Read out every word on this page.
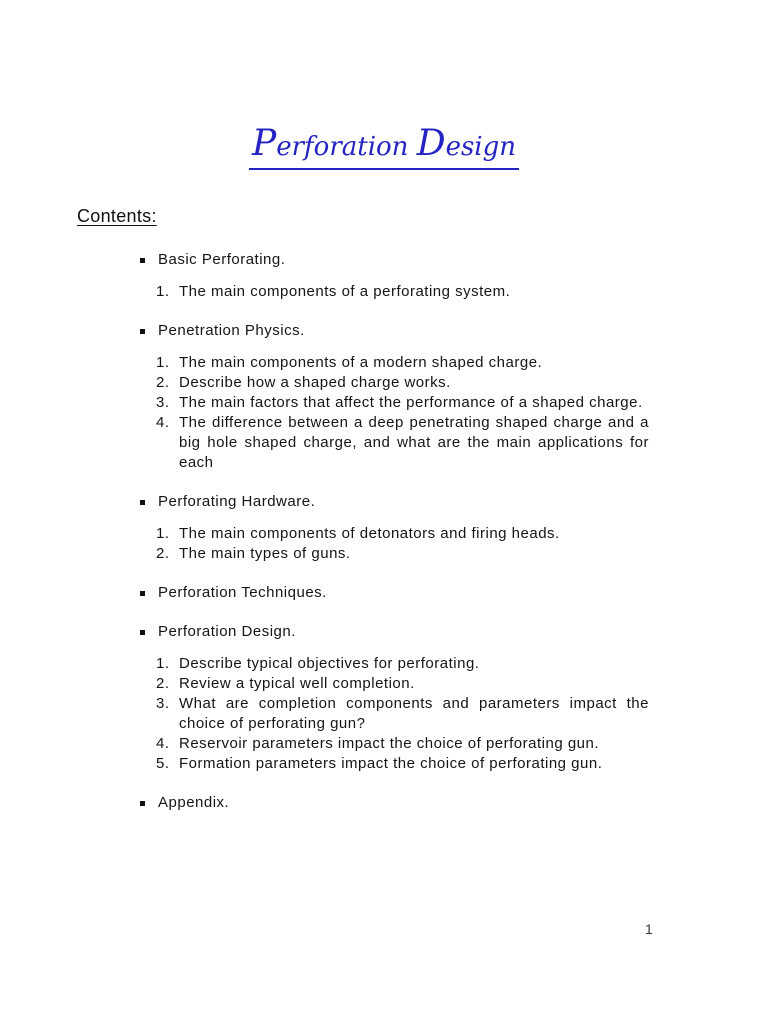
Perforation Design
Contents:
Basic Perforating.
1. The main components of a perforating system.
Penetration Physics.
1. The main components of a modern shaped charge.
2. Describe how a shaped charge works.
3. The main factors that affect the performance of a shaped charge.
4. The difference between a deep penetrating shaped charge and a big hole shaped charge, and what are the main applications for each
Perforating Hardware.
1. The main components of detonators and firing heads.
2. The main types of guns.
Perforation Techniques.
Perforation Design.
1. Describe typical objectives for perforating.
2. Review a typical well completion.
3. What are completion components and parameters impact the choice of perforating gun?
4. Reservoir parameters impact the choice of perforating gun.
5. Formation parameters impact the choice of perforating gun.
Appendix.
1
